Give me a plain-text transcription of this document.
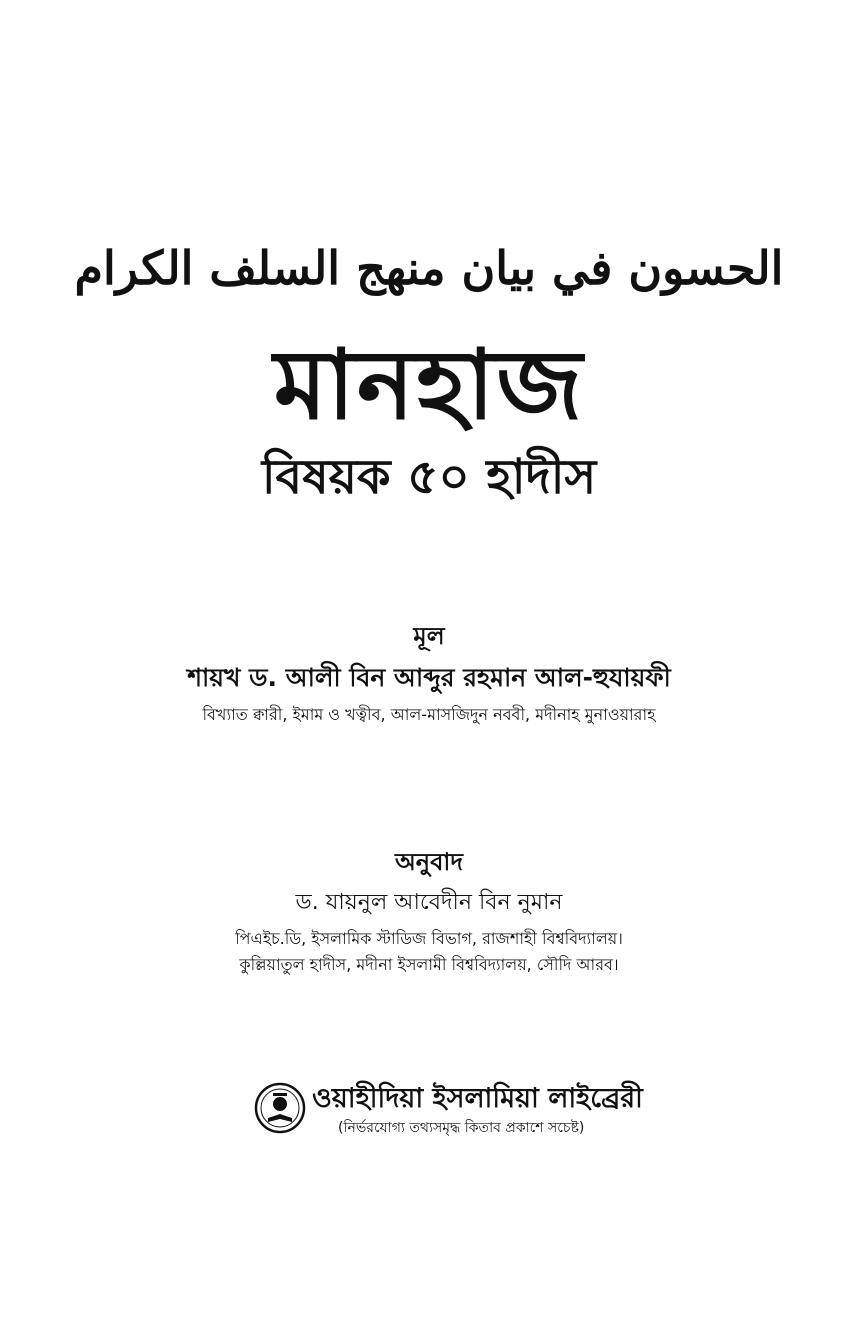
الحسون في بيان منهج السلف الكرام
মানহাজ
বিষয়ক ৫০ হাদীস
মূল
শায়খ ড. আলী বিন আব্দুর রহমান আল-হুযায়ফী
বিখ্যাত ক্বারী, ইমাম ও খত্বীব, আল-মাসজিদুন নববী, মদীনাহ মুনাওয়ারাহ
অনুবাদ
ড. যায়নুল আবেদীন বিন নুমান
পিএইচ.ডি, ইসলামিক স্টাডিজ বিভাগ, রাজশাহী বিশ্ববিদ্যালয়।
কুল্লিয়াতুল হাদীস, মদীনা ইসলামী বিশ্ববিদ্যালয়, সৌদি আরব।
ওয়াহীদিয়া ইসলামিয়া লাইব্রেরী
(নির্ভরযোগ্য তথ্যসমৃদ্ধ কিতাব প্রকাশে সচেষ্ট)
